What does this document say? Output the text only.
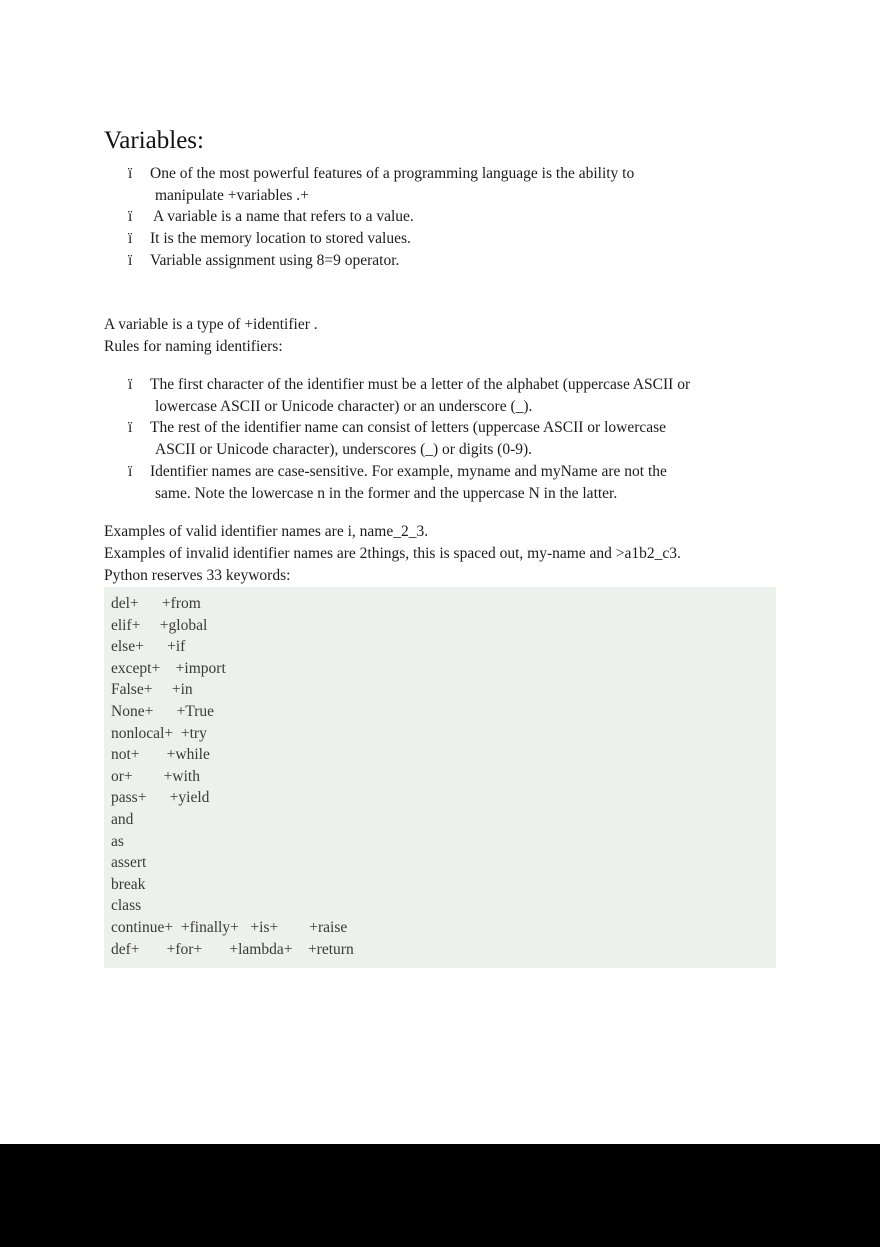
Variables:
ï One of the most powerful features of a programming language is the ability to
manipulate +variables .+
ï A variable is a name that refers to a value.
ï It is the memory location to stored values.
ï Variable assignment using 8=9 operator.

A variable is a type of +identifier .

Rules for naming identifiers:

ï The first character of the identifier must be a letter of the alphabet (uppercase ASCII or
lowercase ASCII or Unicode character) or an underscore (_).
ï The rest of the identifier name can consist of letters (uppercase ASCII or lowercase
ASCII or Unicode character), underscores (_) or digits (0-9).
ï Identifier names are case-sensitive. For example, myname and myName are not the
same. Note the lowercase n in the former and the uppercase N in the latter.

Examples of valid identifier names are i, name_2_3.

Examples of invalid identifier names are 2things, this is spaced out, my-name and >a1b2_c3.

Python reserves 33 keywords:

del+      +from
elif+     +global
else+      +if
except+    +import
False+     +in
None+      +True
nonlocal+  +try
not+       +while
or+        +with
pass+      +yield
and
as
assert
break
class
continue+  +finally+   +is+        +raise
def+       +for+       +lambda+    +return
